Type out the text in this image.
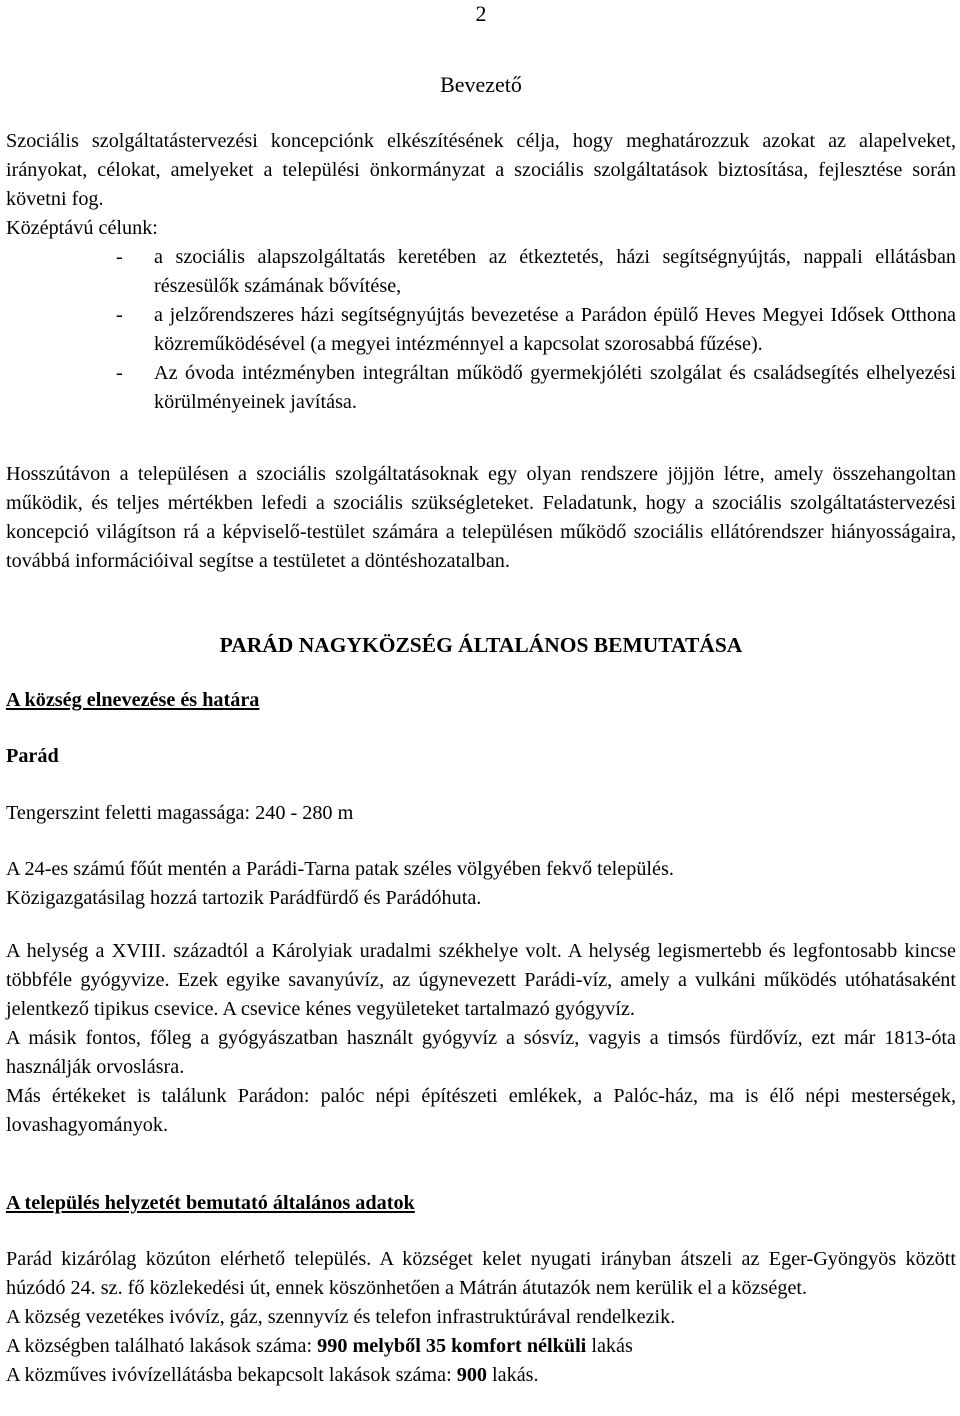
2
Bevezető

Szociális szolgáltatástervezési koncepciónk elkészítésének célja, hogy meghatározzuk azokat az alapelveket, irányokat, célokat, amelyeket a települési önkormányzat a szociális szolgáltatások biztosítása, fejlesztése során követni fog.

Középtávú célunk:

- a szociális alapszolgáltatás keretében az étkeztetés, házi segítségnyújtás, nappali ellátásban részesülők számának bővítése,
- a jelzőrendszeres házi segítségnyújtás bevezetése a Parádon épülő Heves Megyei Idősek Otthona közreműködésével (a megyei intézménnyel a kapcsolat szorosabbá fűzése).
- Az óvoda intézményben integráltan működő gyermekjóléti szolgálat és családsegítés elhelyezési körülményeinek javítása.

Hosszútávon a településen a szociális szolgáltatásoknak egy olyan rendszere jöjjön létre, amely összehangoltan működik, és teljes mértékben lefedi a szociális szükségleteket. Feladatunk, hogy a szociális szolgáltatástervezési koncepció világítson rá a képviselő-testület számára a településen működő szociális ellátórendszer hiányosságaira, továbbá információival segítse a testületet a döntéshozatalban.

PARÁD NAGYKÖZSÉG ÁLTALÁNOS BEMUTATÁSA
A község elnevezése és határa
Parád
Tengerszint feletti magassága: 240 - 280 m
A 24-es számú főút mentén a Parádi-Tarna patak széles völgyében fekvő település.
Közigazgatásilag hozzá tartozik Parádfürdő és Parádóhuta.

A helység a XVIII. századtól a Károlyiak uradalmi székhelye volt. A helység legismertebb és legfontosabb kincse többféle gyógyvize. Ezek egyike savanyúvíz, az úgynevezett Parádi-víz, amely a vulkáni működés utóhatásaként jelentkező tipikus csevice. A csevice kénes vegyületeket tartalmazó gyógyvíz.

A másik fontos, főleg a gyógyászatban használt gyógyvíz a sósvíz, vagyis a timsós fürdővíz, ezt már 1813-óta használják orvoslásra.

Más értékeket is találunk Parádon: palóc népi építészeti emlékek, a Palóc-ház, ma is élő népi mesterségek, lovashagyományok.

A település helyzetét bemutató általános adatok

Parád kizárólag közúton elérhető település. A községet kelet nyugati irányban átszeli az Eger-Gyöngyös között húzódó 24. sz. fő közlekedési út, ennek köszönhetően a Mátrán átutazók nem kerülik el a községet.

A község vezetékes ivóvíz, gáz, szennyvíz és telefon infrastruktúrával rendelkezik.

A községben található lakások száma: 990 melyből 35 komfort nélküli lakás

A közműves ivóvízellátásba bekapcsolt lakások száma: 900 lakás.
